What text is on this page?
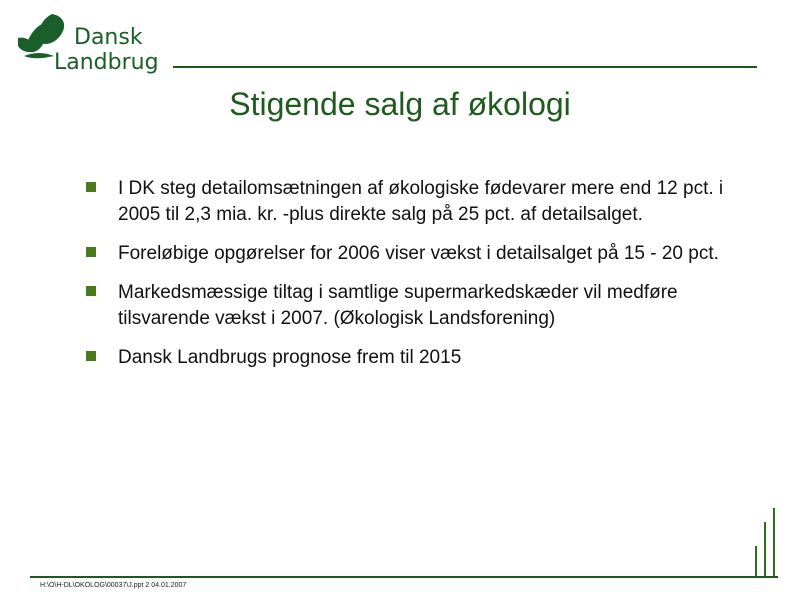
Dansk
Landbrug
Stigende salg af økologi
I DK steg detailomsætningen af økologiske fødevarer mere end 12 pct. i 2005 til 2,3 mia. kr. -plus direkte salg på 25 pct. af detailsalget.
Foreløbige opgørelser for 2006 viser vækst i detailsalget på 15 - 20 pct.
Markedsmæssige tiltag i samtlige supermarkedskæder vil medføre tilsvarende vækst i 2007. (Økologisk Landsforening)
Dansk Landbrugs prognose frem til 2015
H:\O\H-DL\OKOLOG\00037\J.ppt 2 04.01.2007
